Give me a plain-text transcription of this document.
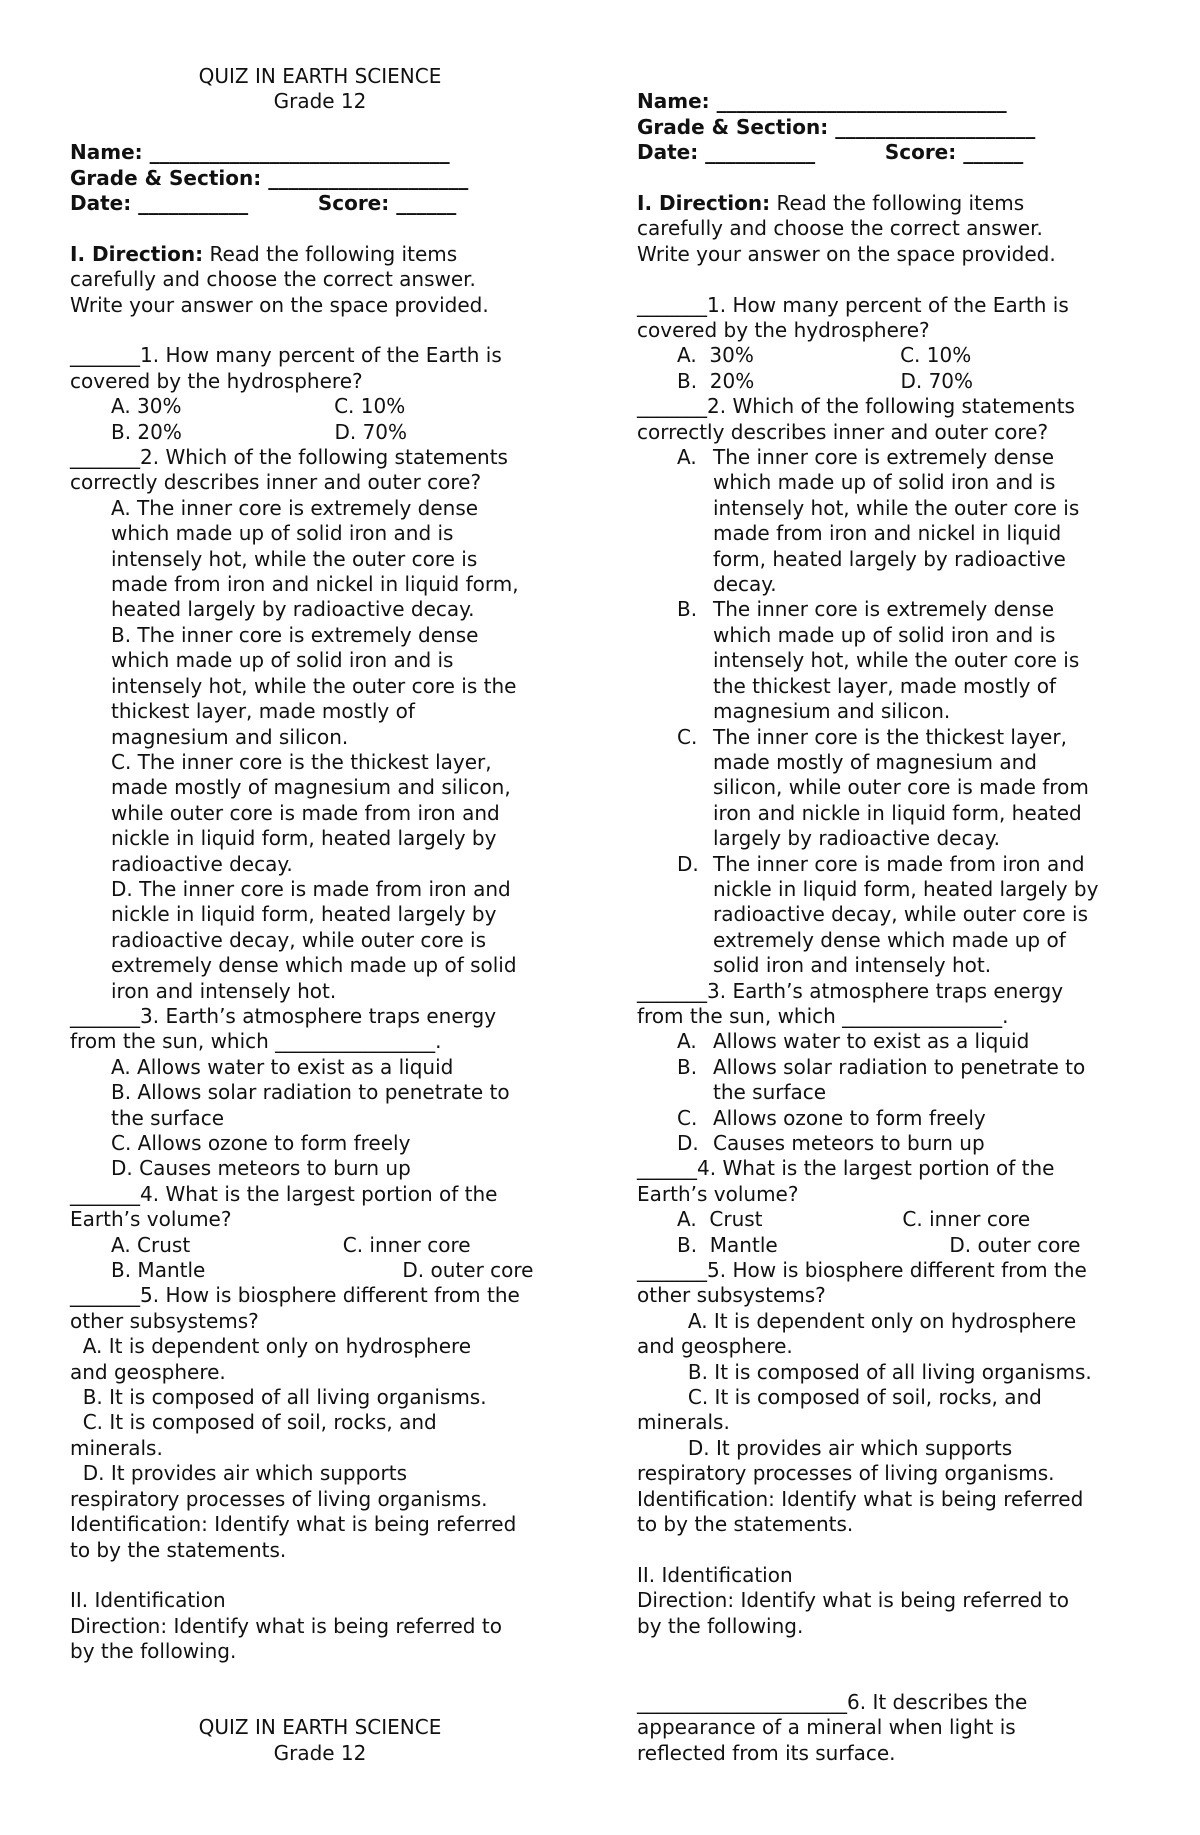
QUIZ IN EARTH SCIENCE
Grade 12
Name: ______________________________
Grade & Section: ____________________
Date: ___________          Score: ______
I. Direction: Read the following items
carefully and choose the correct answer.
Write your answer on the space provided.
_______1. How many percent of the Earth is
covered by the hydrosphere?
A. 30%                        C. 10%
B. 20%                        D. 70%
_______2. Which of the following statements
correctly describes inner and outer core?
A. The inner core is extremely dense
which made up of solid iron and is
intensely hot, while the outer core is
made from iron and nickel in liquid form,
heated largely by radioactive decay.
B. The inner core is extremely dense
which made up of solid iron and is
intensely hot, while the outer core is the
thickest layer, made mostly of
magnesium and silicon.
C. The inner core is the thickest layer,
made mostly of magnesium and silicon,
while outer core is made from iron and
nickle in liquid form, heated largely by
radioactive decay.
D. The inner core is made from iron and
nickle in liquid form, heated largely by
radioactive decay, while outer core is
extremely dense which made up of solid
iron and intensely hot.
_______3. Earth’s atmosphere traps energy
from the sun, which ________________.
A. Allows water to exist as a liquid
B. Allows solar radiation to penetrate to
the surface
C. Allows ozone to form freely
D. Causes meteors to burn up
_______4. What is the largest portion of the
Earth’s volume?
A. Crust                        C. inner core
B. Mantle                               D. outer core
_______5. How is biosphere different from the
other subsystems?
A. It is dependent only on hydrosphere
and geosphere.
B. It is composed of all living organisms.
C. It is composed of soil, rocks, and
minerals.
D. It provides air which supports
respiratory processes of living organisms.
Identification: Identify what is being referred
to by the statements.
II. Identification
Direction: Identify what is being referred to
by the following.
QUIZ IN EARTH SCIENCE
Grade 12
Name: _____________________________
Grade & Section: ____________________
Date: ___________          Score: ______
I. Direction: Read the following items
carefully and choose the correct answer.
Write your answer on the space provided.
_______1. How many percent of the Earth is
covered by the hydrosphere?
A.  30%                       C. 10%
B.  20%                       D. 70%
_______2. Which of the following statements
correctly describes inner and outer core?
A. The inner core is extremely dense
which made up of solid iron and is
intensely hot, while the outer core is
made from iron and nickel in liquid
form, heated largely by radioactive
decay.
B. The inner core is extremely dense
which made up of solid iron and is
intensely hot, while the outer core is
the thickest layer, made mostly of
magnesium and silicon.
C. The inner core is the thickest layer,
made mostly of magnesium and
silicon, while outer core is made from
iron and nickle in liquid form, heated
largely by radioactive decay.
D. The inner core is made from iron and
nickle in liquid form, heated largely by
radioactive decay, while outer core is
extremely dense which made up of
solid iron and intensely hot.
_______3. Earth’s atmosphere traps energy
from the sun, which ________________.
A. Allows water to exist as a liquid
B. Allows solar radiation to penetrate to
the surface
C. Allows ozone to form freely
D. Causes meteors to burn up
______4. What is the largest portion of the
Earth’s volume?
A.  Crust                      C. inner core
B.  Mantle                           D. outer core
_______5. How is biosphere different from the
other subsystems?
A. It is dependent only on hydrosphere
and geosphere.
B. It is composed of all living organisms.
C. It is composed of soil, rocks, and
minerals.
D. It provides air which supports
respiratory processes of living organisms.
Identification: Identify what is being referred
to by the statements.
II. Identification
Direction: Identify what is being referred to
by the following.
_____________________6. It describes the
appearance of a mineral when light is
reflected from its surface.
